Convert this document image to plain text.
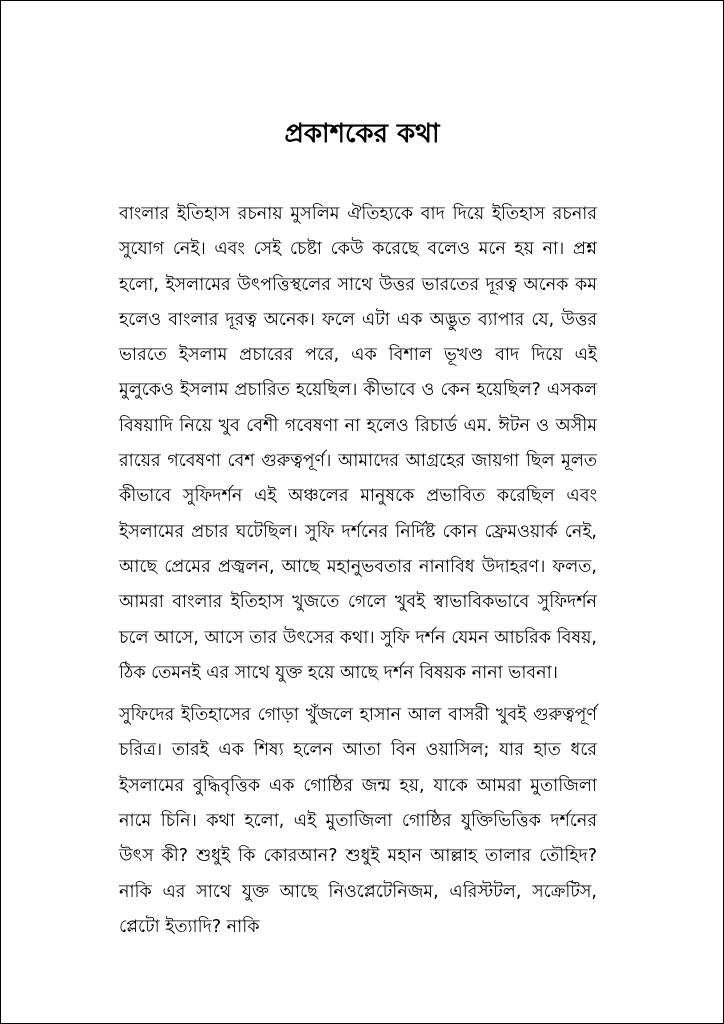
প্রকাশকের কথা

বাংলার ইতিহাস রচনায় মুসলিম ঐতিহ্যকে বাদ দিয়ে ইতিহাস রচনার সুযোগ নেই। এবং সেই চেষ্টা কেউ করেছে বলেও মনে হয় না। প্রশ্ন হলো, ইসলামের উৎপত্তিস্থলের সাথে উত্তর ভারতের দূরত্ব অনেক কম হলেও বাংলার দূরত্ব অনেক। ফলে এটা এক অদ্ভুত ব্যাপার যে, উত্তর ভারতে ইসলাম প্রচারের পরে, এক বিশাল ভূখণ্ড বাদ দিয়ে এই মুলুকেও ইসলাম প্রচারিত হয়েছিল। কীভাবে ও কেন হয়েছিল? এসকল বিষয়াদি নিয়ে খুব বেশী গবেষণা না হলেও রিচার্ড এম. ঈটন ও অসীম রায়ের গবেষণা বেশ গুরুত্বপূর্ণ। আমাদের আগ্রহের জায়গা ছিল মূলত কীভাবে সুফিদর্শন এই অঞ্চলের মানুষকে প্রভাবিত করেছিল এবং ইসলামের প্রচার ঘটেছিল। সুফি দর্শনের নির্দিষ্ট কোন ফ্রেমওয়ার্ক নেই, আছে প্রেমের প্রজ্বলন, আছে মহানুভবতার নানাবিধ উদাহরণ। ফলত, আমরা বাংলার ইতিহাস খুজতে গেলে খুবই স্বাভাবিকভাবে সুফিদর্শন চলে আসে, আসে তার উৎসের কথা। সুফি দর্শন যেমন আচরিক বিষয়, ঠিক তেমনই এর সাথে যুক্ত হয়ে আছে দর্শন বিষয়ক নানা ভাবনা।

সুফিদের ইতিহাসের গোড়া খুঁজলে হাসান আল বাসরী খুবই গুরুত্বপূর্ণ চরিত্র। তারই এক শিষ্য হলেন আতা বিন ওয়াসিল; যার হাত ধরে ইসলামের বুদ্ধিবৃত্তিক এক গোষ্ঠির জন্ম হয়, যাকে আমরা মুতাজিলা নামে চিনি। কথা হলো, এই মুতাজিলা গোষ্ঠির যুক্তিভিত্তিক দর্শনের উৎস কী? শুধুই কি কোরআন? শুধুই মহান আল্লাহ তালার তৌহিদ? নাকি এর সাথে যুক্ত আছে নিওপ্লেটেনিজম, এরিস্টটল, সক্রেটিস, প্লেটো ইত্যাদি? নাকি
